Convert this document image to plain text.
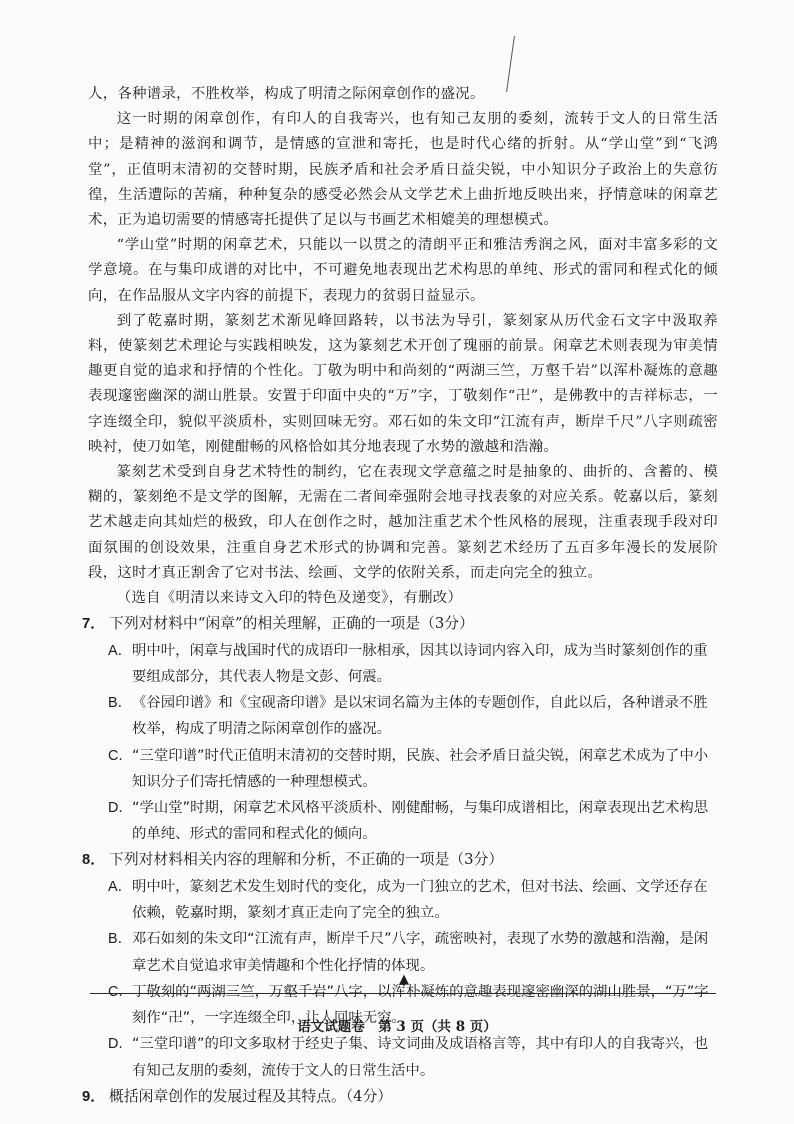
人，各种谱录，不胜枚举，构成了明清之际闲章创作的盛况。

这一时期的闲章创作，有印人的自我寄兴，也有知己友朋的委刻，流转于文人的日常生活中；是精神的滋润和调节，是情感的宣泄和寄托，也是时代心绪的折射。从“学山堂”到“飞鸿堂”，正值明末清初的交替时期，民族矛盾和社会矛盾日益尖锐，中小知识分子政治上的失意彷徨，生活遭际的苦痛，种种复杂的感受必然会从文学艺术上曲折地反映出来，抒情意味的闲章艺术，正为追切需要的情感寄托提供了足以与书画艺术相媲美的理想模式。

“学山堂”时期的闲章艺术，只能以一以贯之的清朗平正和雅洁秀润之风，面对丰富多彩的文学意境。在与集印成谱的对比中，不可避免地表现出艺术构思的单纯、形式的雷同和程式化的倾向，在作品服从文字内容的前提下，表现力的贫弱日益显示。

到了乾嘉时期，篆刻艺术渐见峰回路转，以书法为导引，篆刻家从历代金石文字中汲取养料，使篆刻艺术理论与实践相映发，这为篆刻艺术开创了瑰丽的前景。闲章艺术则表现为审美情趣更自觉的追求和抒情的个性化。丁敬为明中和尚刻的“两湖三竺，万壑千岩”以浑朴凝炼的意趣表现邃密幽深的湖山胜景。安置于印面中央的“万”字，丁敬刻作“卍”，是佛教中的吉祥标志，一字连缀全印，貌似平淡质朴，实则回味无穷。邓石如的朱文印“江流有声，断岸千尺”八字则疏密映衬，使刀如笔，刚健酣畅的风格恰如其分地表现了水势的激越和浩瀚。

篆刻艺术受到自身艺术特性的制约，它在表现文学意蕴之时是抽象的、曲折的、含蓄的、模糊的，篆刻绝不是文学的图解，无需在二者间牵强附会地寻找表象的对应关系。乾嘉以后，篆刻艺术越走向其灿烂的极致，印人在创作之时，越加注重艺术个性风格的展现，注重表现手段对印面氛围的创设效果，注重自身艺术形式的协调和完善。篆刻艺术经历了五百多年漫长的发展阶段，这时才真正割舍了它对书法、绘画、文学的依附关系，而走向完全的独立。

（选自《明清以来诗文入印的特色及递变》，有删改）

7． 下列对材料中“闲章”的相关理解，正确的一项是（3分）

A．明中叶，闲章与战国时代的成语印一脉相承，因其以诗词内容入印，成为当时篆刻创作的重要组成部分，其代表人物是文彭、何震。

B．《谷园印谱》和《宝砚斋印谱》是以宋词名篇为主体的专题创作，自此以后，各种谱录不胜枚举，构成了明清之际闲章创作的盛况。

C．“三堂印谱”时代正值明末清初的交替时期，民族、社会矛盾日益尖锐，闲章艺术成为了中小知识分子们寄托情感的一种理想模式。

D．“学山堂”时期，闲章艺术风格平淡质朴、刚健酣畅，与集印成谱相比，闲章表现出艺术构思的单纯、形式的雷同和程式化的倾向。

8． 下列对材料相关内容的理解和分析，不正确的一项是（3分）

A．明中叶，篆刻艺术发生划时代的变化，成为一门独立的艺术，但对书法、绘画、文学还存在依赖，乾嘉时期，篆刻才真正走向了完全的独立。

B．邓石如刻的朱文印“江流有声，断岸千尺”八字，疏密映衬，表现了水势的激越和浩瀚，是闲章艺术自觉追求审美情趣和个性化抒情的体现。

C．丁敬刻的“两湖三竺，万壑千岩”八字，以浑朴凝炼的意趣表现邃密幽深的湖山胜景，“万”字刻作“卍”，一字连缀全印，让人回味无穷。

D．“三堂印谱”的印文多取材于经史子集、诗文词曲及成语格言等，其中有印人的自我寄兴，也有知己友朋的委刻，流传于文人的日常生活中。

9． 概括闲章创作的发展过程及其特点。（4分）

▲
语文试题卷　第 3 页（共 8 页）
